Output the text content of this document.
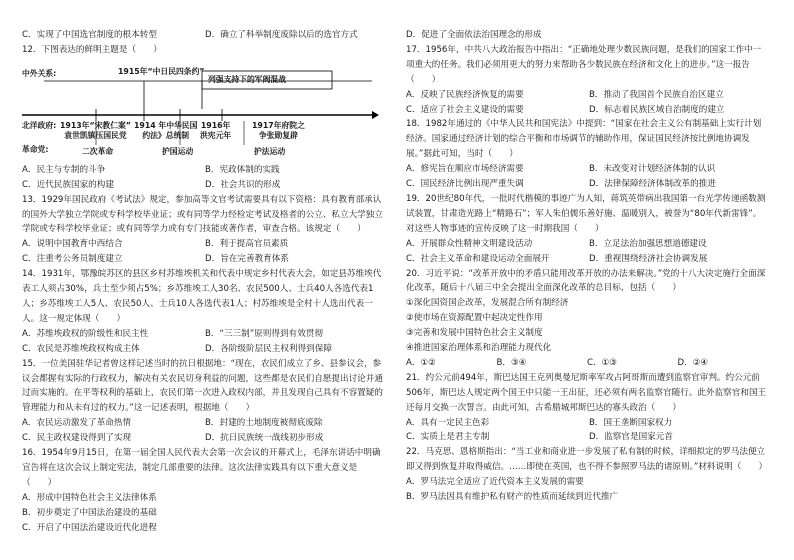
C．实现了中国选官制度的根本转型	D．确立了科举制度废除以后的选官方式
12．下图表达的鲜明主题是（　　）
中外关系:	1915年“中日民四条约”
列强支持下的军阀混战
北洋政府:
革命党:
1913年“宋教仁案”
袁世凯镇压国民党
1914 年中华民国
约法》总统制
1916年
洪宪元年
1917年府院之
争张勋复辟
二次革命	护国运动	护法运动
A．民主与专制的斗争	B．宪政体制的实践
C．近代民族国家的构建	D．社会共识的形成
13．1929年国民政府《考试法》规定，参加高等文官考试需要具有以下资格：具有教育部承认的国外大学独立学院或专科学校毕业证；或有同等学力经检定考试及格者的公立、私立大学独立学院或专科学校毕业证；或有同等学力或有专门技能或著作者，审查合格。该规定（　　）
A．说明中国教育中西结合	B．利于提高官员素质
C．注重考公务员制度建立	D．旨在完善教育体系
14．1931年，鄂豫皖苏区的县区乡村苏维埃机关和代表中规定乡村代表大会，如定县苏维埃代表工人须占30%，兵士至少须占5%；乡苏维埃工人30名、农民500人、士兵40人各选代表1人；乡苏维埃工人5人、农民50人、士兵10人各选代表1人；村苏维埃是全村十人选出代表一人。这一规定体现（　　）
A．苏维埃政权的阶级性和民主性	B．“三三制”原则得到有效贯彻
C．农民是苏维埃政权构成主体	D．各阶级阶层民主权利得到保障
15．一位美国驻华记者曾这样记述当时的抗日根据地：“现在，农民们成立了乡、县参议会，参议会都握有实际的行政权力，解决有关农民切身利益的问题，这些都是农民们自愿提出讨论并通过而实施的。在平等权利的基础上，农民们第一次进入政权内部，并且发现自己具有不容置疑的管理能力和从未有过的权力。”这一记述表明，根据地（　　）
A．农民运动激发了革命热情	B．封建的土地制度被彻底废除
C．民主政权建设得到了实现	D．抗日民族统一战线初步形成
16．1954年9月15日，在第一届全国人民代表大会第一次会议的开幕式上，毛泽东讲话中明确宣告将在这次会议上制定宪法，制定几部重要的法律。这次法律实践具有以下重大意义是（　　）
A．形成中国特色社会主义法律体系
B．初步奠定了中国法治建设的基础
C．开启了中国法治建设近代化进程
D．促进了全面依法治国理念的形成
17．1956年，中共八大政治报告中指出：“正确地处理少数民族问题，是我们的国家工作中一项重大的任务。我们必须用更大的努力来帮助各少数民族在经济和文化上的进步。”这一报告（　　）
A．反映了民族经济恢复的需要	B．推动了我国首个民族自治区建立
C．适应了社会主义建设的需要	D．标志着民族区域自治制度的建立
18．1982年通过的《中华人民共和国宪法》中提到：“国家在社会主义公有制基础上实行计划经济。国家通过经济计划的综合平衡和市场调节的辅助作用，保证国民经济按比例地协调发展。”据此可知，当时（　　）
A．修宪旨在顺应市场经济需要	B．未改变对计划经济体制的认识
C．国民经济比例出现严重失调	D．法律保障经济体制改革的推进
19．20世纪80年代，一批时代楷模的事迹广为人知，蒋筑英带病出我国第一台光学传递函数测试装置，甘肃造光路上“精路石”；军人朱伯儒乐善好施、温暖别人，被誉为“80年代新雷锋”。对这些人物事迹的宣传反映了这一时期我国（　　）
A．开展群众性精神文明建设活动	B．立足法治加强思想道德建设
C．社会主义革命和建设运动全面展开	D．重视围绕经济社会协调发展
20．习近平说：“改革开放中的矛盾只能用改革开放的办法来解决。”党的十八大决定施行全面深化改革，随后十八届三中全会提出全面深化改革的总目标，包括（　　）
①深化国资国企改革，发展混合所有制经济
②使市场在资源配置中起决定性作用
③完善和发展中国特色社会主义制度
④推进国家治理体系和治理能力现代化
A．①②	B．③④	C．①③	D．②④
21．约公元前494年，斯巴达国王克列奥曼尼斯率军攻占阿哥斯而遭到监察官审判。约公元前506年，斯巴达人规定两个国王中只能一王出征，还必须有两名监察官随行。此外监察官和国王还每月交换一次誓言。由此可知，古希腊城邦斯巴达的寡头政治（　　）
A．具有一定民主色彩	B．国王垄断国家权力
C．实质上是君主专制	D．监察官是国家元首
22．马克思、恩格斯指出：“当工业和商业进一步发展了私有制的时候，详细拟定的罗马法便立即又得到恢复并取得威信。……即使在英国，也不得不参照罗马法的诸原则。”材料说明（　　）
A．罗马法完全适应了近代资本主义发展的需要
B．罗马法因具有维护私有财产的性质而延续到近代推广
